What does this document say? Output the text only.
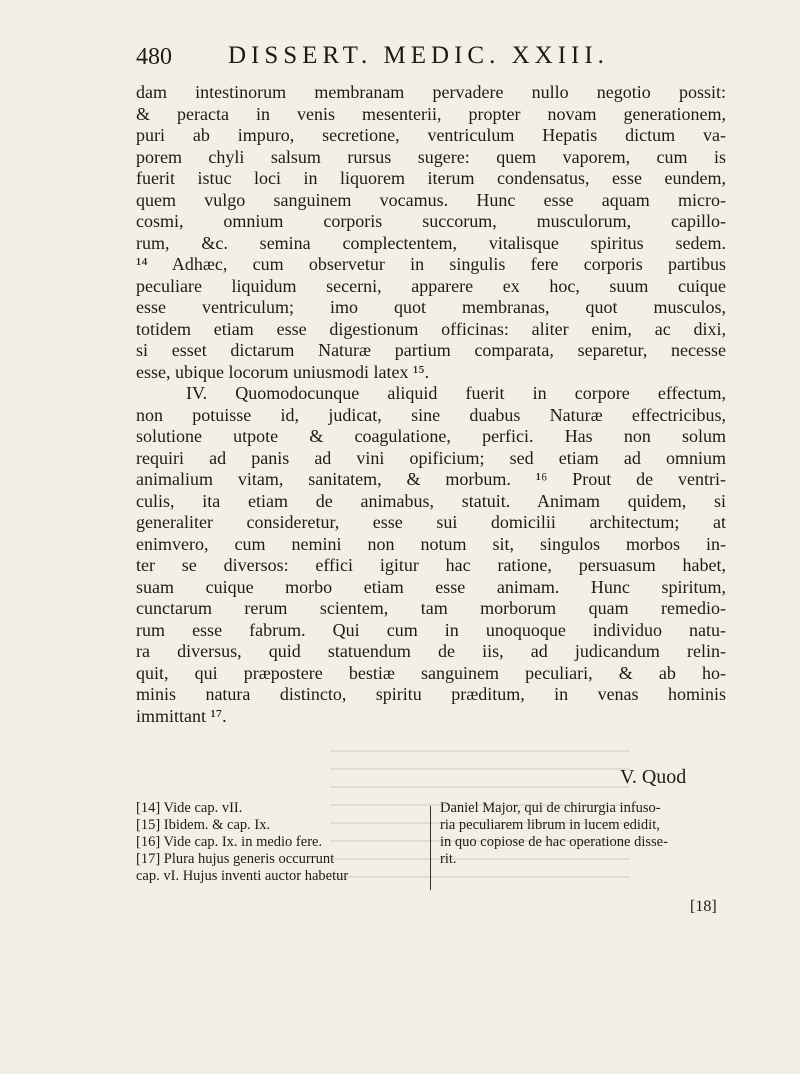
480 DISSERT. MEDIC. XXIII.
dam intestinorum membranam pervadere nullo negotio possit:
& peracta in venis mesenterii, propter novam generationem,
puri ab impuro, secretione, ventriculum Hepatis dictum va-
porem chyli salsum rursus sugere: quem vaporem, cum is
fuerit istuc loci in liquorem iterum condensatus, esse eundem,
quem vulgo sanguinem vocamus. Hunc esse aquam micro-
cosmi, omnium corporis succorum, musculorum, capillo-
rum, &c. semina complectentem, vitalisque spiritus sedem.
¹⁴ Adhæc, cum observetur in singulis fere corporis partibus
peculiare liquidum secerni, apparere ex hoc, suum cuique
esse ventriculum; imo quot membranas, quot musculos,
totidem etiam esse digestionum officinas: aliter enim, ac dixi,
si esset dictarum Naturæ partium comparata, separetur, necesse
esse, ubique locorum uniusmodi latex ¹⁵.
IV. Quomodocunque aliquid fuerit in corpore effectum,
non potuisse id, judicat, sine duabus Naturæ effectricibus,
solutione utpote & coagulatione, perfici. Has non solum
requiri ad panis ad vini opificium; sed etiam ad omnium
animalium vitam, sanitatem, & morbum. ¹⁶ Prout de ventri-
culis, ita etiam de animabus, statuit. Animam quidem, si
generaliter consideretur, esse sui domicilii architectum; at
enimvero, cum nemini non notum sit, singulos morbos in-
ter se diversos: effici igitur hac ratione, persuasum habet,
suam cuique morbo etiam esse animam. Hunc spiritum,
cunctarum rerum scientem, tam morborum quam remedio-
rum esse fabrum. Qui cum in unoquoque individuo natu-
ra diversus, quid statuendum de iis, ad judicandum relin-
quit, qui præpostere bestiæ sanguinem peculiari, & ab ho-
minis natura distincto, spiritu præditum, in venas hominis
immittant ¹⁷.
V. Quod
[14] Vide cap. vII.
[15] Ibidem. & cap. Ix.
[16] Vide cap. Ix. in medio fere.
[17] Plura hujus generis occurrunt
cap. vI. Hujus inventi auctor habetur
Daniel Major, qui de chirurgia infuso-
ria peculiarem librum in lucem edidit,
in quo copiose de hac operatione disse-
rit.
[18]
